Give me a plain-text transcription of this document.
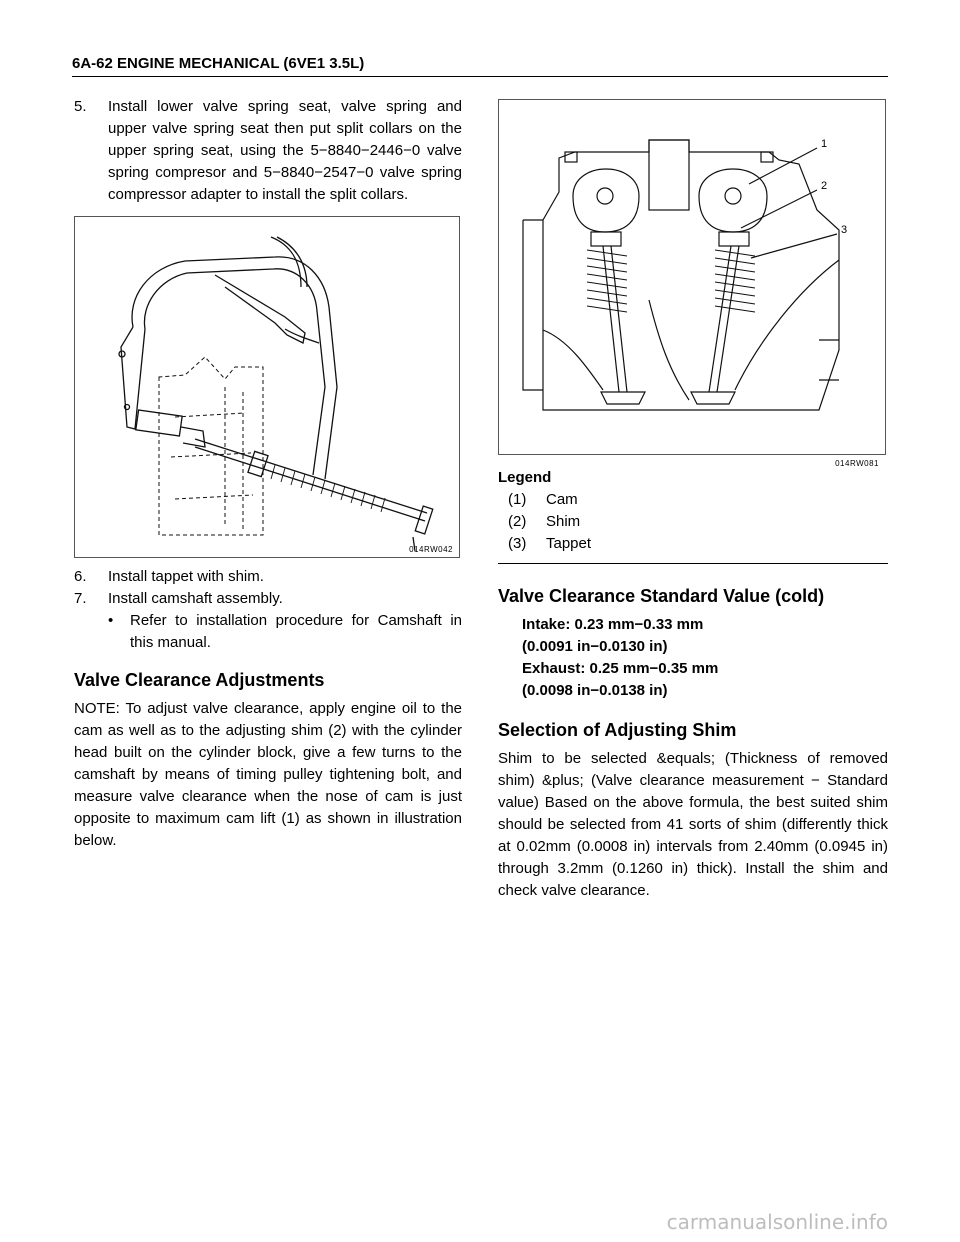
6A-62 ENGINE MECHANICAL (6VE1 3.5L)
5.	Install lower valve spring seat, valve spring and upper valve spring seat then put split collars on the upper spring seat, using the 5−8840−2446−0 valve spring compresor and 5−8840−2547−0 valve spring compressor adapter to install the split collars.
014RW042
6.	Install tappet with shim.
7.	Install camshaft assembly.
•	Refer to installation procedure for Camshaft in this manual.
Valve Clearance Adjustments

NOTE: To adjust valve clearance, apply engine oil to the cam as well as to the adjusting shim (2) with the cylinder head built on the cylinder block, give a few turns to the camshaft by means of timing pulley tightening bolt, and measure valve clearance when the nose of cam is just opposite to maximum cam lift (1) as shown in illustration below.

1
2
3
014RW081
Legend
(1)	Cam
(2)	Shim
(3)	Tappet
Valve Clearance Standard Value (cold)
Intake: 0.23 mm−0.33 mm
(0.0091 in−0.0130 in)
Exhaust: 0.25 mm−0.35 mm
(0.0098 in−0.0138 in)
Selection of Adjusting Shim

Shim to be selected &equals; (Thickness of removed shim) &plus; (Valve clearance measurement − Standard value) Based on the above formula, the best suited shim should be selected from 41 sorts of shim (differently thick at 0.02mm (0.0008 in) intervals from 2.40mm (0.0945 in) through 3.2mm (0.1260 in) thick). Install the shim and check valve clearance.

carmanualsonline.info
